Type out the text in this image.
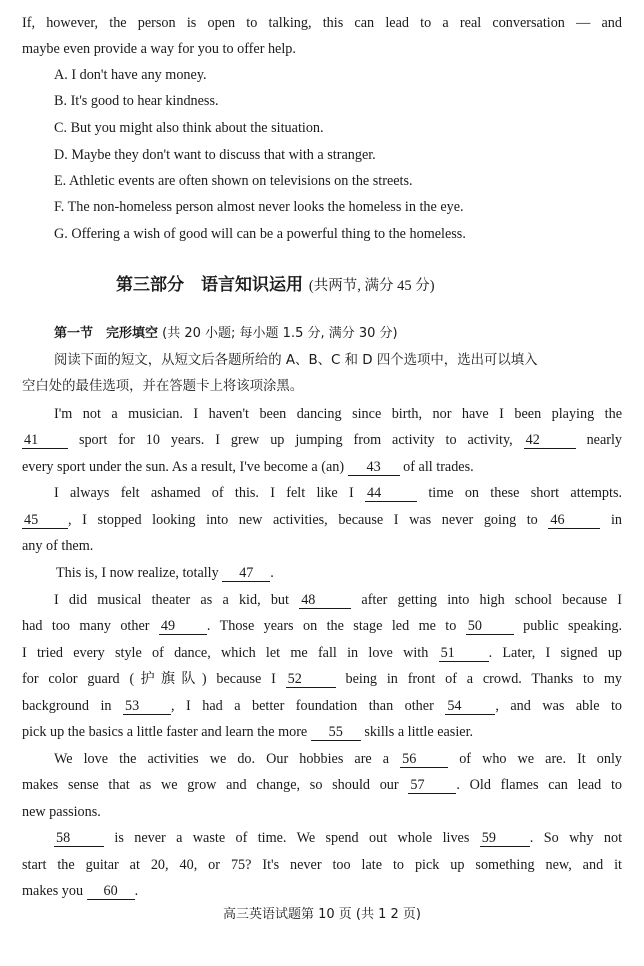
If, however, the person is open to talking, this can lead to a real conversation — and
maybe even provide a way for you to offer help.
A. I don't have any money.
B. It's good to hear kindness.
C. But you might also think about the situation.
D. Maybe they don't want to discuss that with a stranger.
E. Athletic events are often shown on televisions on the streets.
F. The non-homeless person almost never looks the homeless in the eye.
G. Offering a wish of good will can be a powerful thing to the homeless.
第三部分　语言知识运用 (共两节, 满分 45 分)
第一节　完形填空 (共 20 小题; 每小题 1.5 分, 满分 30 分)
阅读下面的短文，从短文后各题所给的 A、B、C 和 D 四个选项中，选出可以填入
空白处的最佳选项，并在答题卡上将该项涂黑。
I'm not a musician. I haven't been dancing since birth, nor have I been playing the
41	sport for 10 years. I grew up jumping from activity to activity, 42	nearly
every sport under the sun. As a result, I've become a (an) 43 of all trades.
I always felt ashamed of this. I felt like I 44	time on these short attempts.
45 , I stopped looking into new activities, because I was never going to 46	in
any of them.
This is, I now realize, totally 47 .
I did musical theater as a kid, but 48	after getting into high school because I
had too many other 49 . Those years on the stage led me to 50	public speaking.
I tried every style of dance, which let me fall in love with 51 . Later, I signed up
for color guard (护旗队) because I 52	being in front of a crowd. Thanks to my
background in 53 , I had a better foundation than other 54 , and was able to
pick up the basics a little faster and learn the more 55 skills a little easier.
We love the activities we do. Our hobbies are a 56	of who we are. It only
makes sense that as we grow and change, so should our 57 . Old flames can lead to
new passions.
58	is never a waste of time. We spend out whole lives 59 . So why not
start the guitar at 20, 40, or 75? It's never too late to pick up something new, and it
makes you 60 .
高三英语试题第 10 页 (共 1 2 页)
